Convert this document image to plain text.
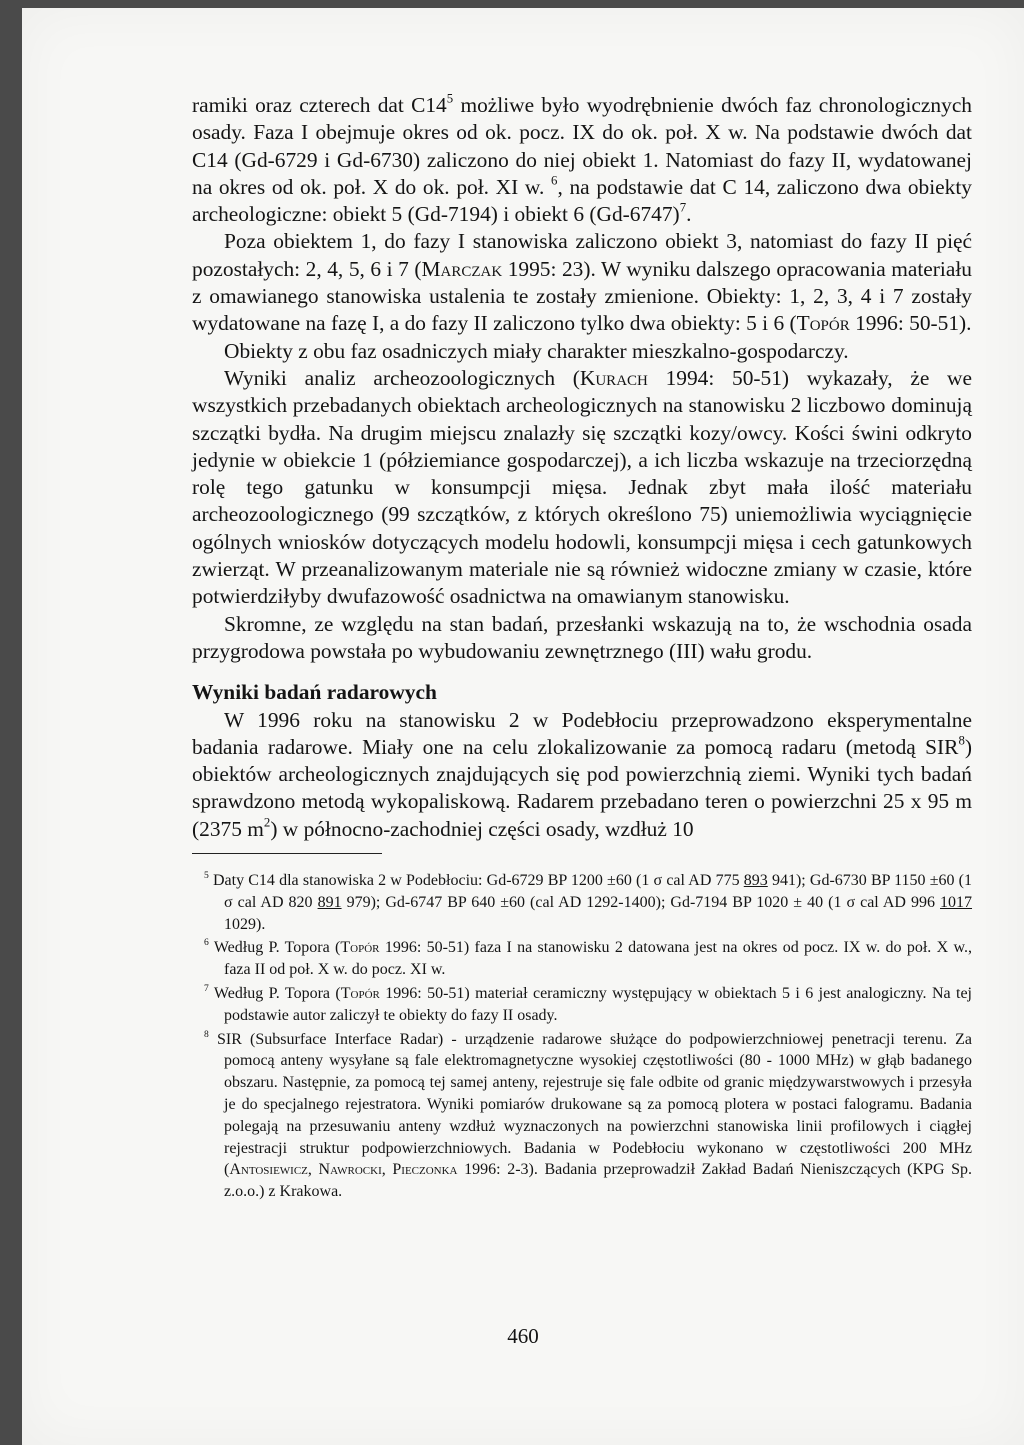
ramiki oraz czterech dat $C14^5$ możliwe było wyodrębnienie dwóch faz chronologicznych osady. Faza I obejmuje okres od ok. pocz. IX do ok. poł. X w. Na podstawie dwóch dat C14 (Gd-6729 i Gd-6730) zaliczono do niej obiekt 1. Natomiast do fazy II, wydatowanej na okres od ok. poł. X do ok. poł. XI w. $^6$, na podstawie dat C 14, zaliczono dwa obiekty archeologiczne: obiekt 5 (Gd-7194) i obiekt 6 $(Gd-6747)^7$.

Poza obiektem 1, do fazy I stanowiska zaliczono obiekt 3, natomiast do fazy II pięć pozostałych: 2, 4, 5, 6 i 7 (Marczak 1995: 23). W wyniku dalszego opracowania materiału z omawianego stanowiska ustalenia te zostały zmienione. Obiekty: 1, 2, 3, 4 i 7 zostały wydatowane na fazę I, a do fazy II zaliczono tylko dwa obiekty: 5 i 6 (Topór 1996: 50-51).

Obiekty z obu faz osadniczych miały charakter mieszkalno-gospodarczy.

Wyniki analiz archeozoologicznych (Kurach 1994: 50-51) wykazały, że we wszystkich przebadanych obiektach archeologicznych na stanowisku 2 liczbowo dominują szczątki bydła. Na drugim miejscu znalazły się szczątki kozy/owcy. Kości świni odkryto jedynie w obiekcie 1 (półziemiance gospodarczej), a ich liczba wskazuje na trzeciorzędną rolę tego gatunku w konsumpcji mięsa. Jednak zbyt mała ilość materiału archeozoologicznego (99 szczątków, z których określono 75) uniemożliwia wyciągnięcie ogólnych wniosków dotyczących modelu hodowli, konsumpcji mięsa i cech gatunkowych zwierząt. W przeanalizowanym materiale nie są również widoczne zmiany w czasie, które potwierdziłyby dwufazowość osadnictwa na omawianym stanowisku.

Skromne, ze względu na stan badań, przesłanki wskazują na to, że wschodnia osada przygrodowa powstała po wybudowaniu zewnętrznego (III) wału grodu.

Wyniki badań radarowych

W 1996 roku na stanowisku 2 w Podebłociu przeprowadzono eksperymentalne badania radarowe. Miały one na celu zlokalizowanie za pomocą radaru (metodą SIR$^8$) obiektów archeologicznych znajdujących się pod powierzchnią ziemi. Wyniki tych badań sprawdzono metodą wykopaliskową. Radarem przebadano teren o powierzchni 25 x 95 m (2375 $m^2$) w północno-zachodniej części osady, wzdłuż 10

$^5$ Daty C14 dla stanowiska 2 w Podebłociu: Gd-6729 BP 1200 ±60 (1 σ cal AD 775 893 941); Gd-6730 BP 1150 ±60 (1 σ cal AD 820 891 979); Gd-6747 BP 640 ±60 (cal AD 1292-1400); Gd-7194 BP 1020 ± 40 (1 σ cal AD 996 1017 1029).

$^6$ Według P. Topora (Topór 1996: 50-51) faza I na stanowisku 2 datowana jest na okres od pocz. IX w. do poł. X w., faza II od poł. X w. do pocz. XI w.

$^7$ Według P. Topora (Topór 1996: 50-51) materiał ceramiczny występujący w obiektach 5 i 6 jest analogiczny. Na tej podstawie autor zaliczył te obiekty do fazy II osady.

$^8$ SIR (Subsurface Interface Radar) - urządzenie radarowe służące do podpowierzchniowej penetracji terenu. Za pomocą anteny wysyłane są fale elektromagnetyczne wysokiej częstotliwości (80 - 1000 MHz) w głąb badanego obszaru. Następnie, za pomocą tej samej anteny, rejestruje się fale odbite od granic międzywarstwowych i przesyła je do specjalnego rejestratora. Wyniki pomiarów drukowane są za pomocą plotera w postaci falogramu. Badania polegają na przesuwaniu anteny wzdłuż wyznaczonych na powierzchni stanowiska linii profilowych i ciągłej rejestracji struktur podpowierzchniowych. Badania w Podebłociu wykonano w częstotliwości 200 MHz (Antosiewicz, Nawrocki, Pieczonka 1996: 2-3). Badania przeprowadził Zakład Badań Nieniszczących (KPG Sp. z.o.o.) z Krakowa.

460
